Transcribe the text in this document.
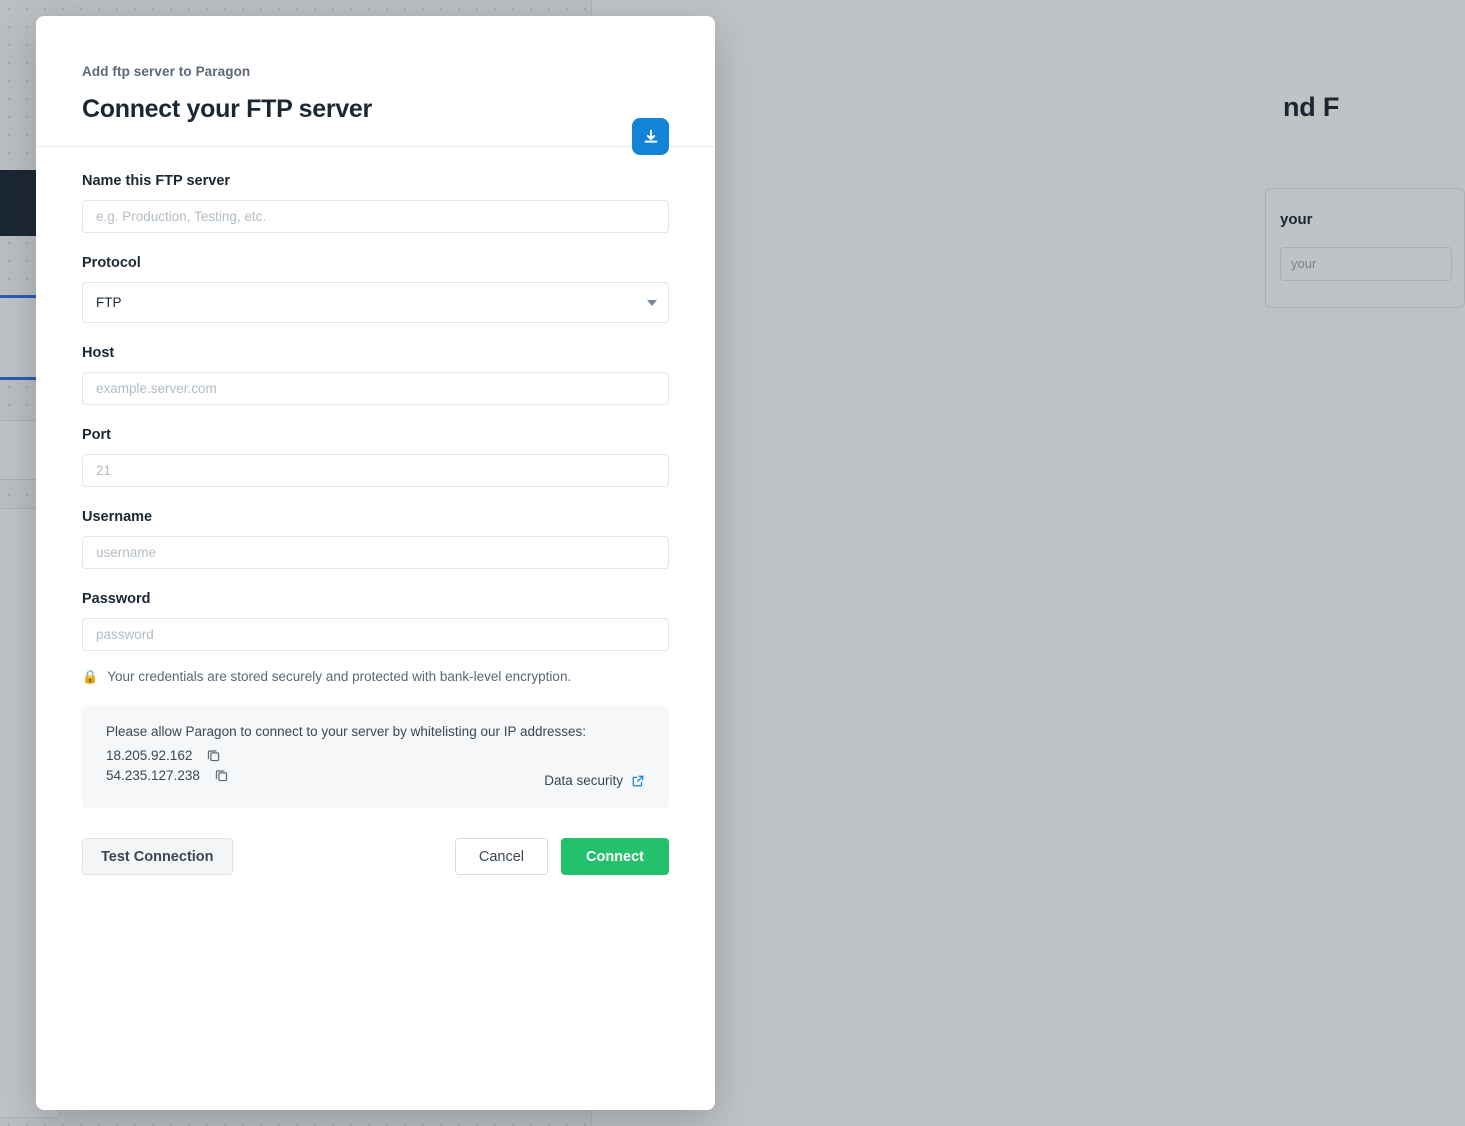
nd F
your
your
Add ftp server to Paragon
Connect your FTP server
Name this FTP server
e.g. Production, Testing, etc.
Protocol
FTP
Host
example.server.com
Port
21
Username
username
Password
🔒 Your credentials are stored securely and protected with bank-level encryption.
Please allow Paragon to connect to your server by whitelisting our IP addresses:
18.205.92.162
54.235.127.238	Data security
Test Connection	Cancel	Connect
